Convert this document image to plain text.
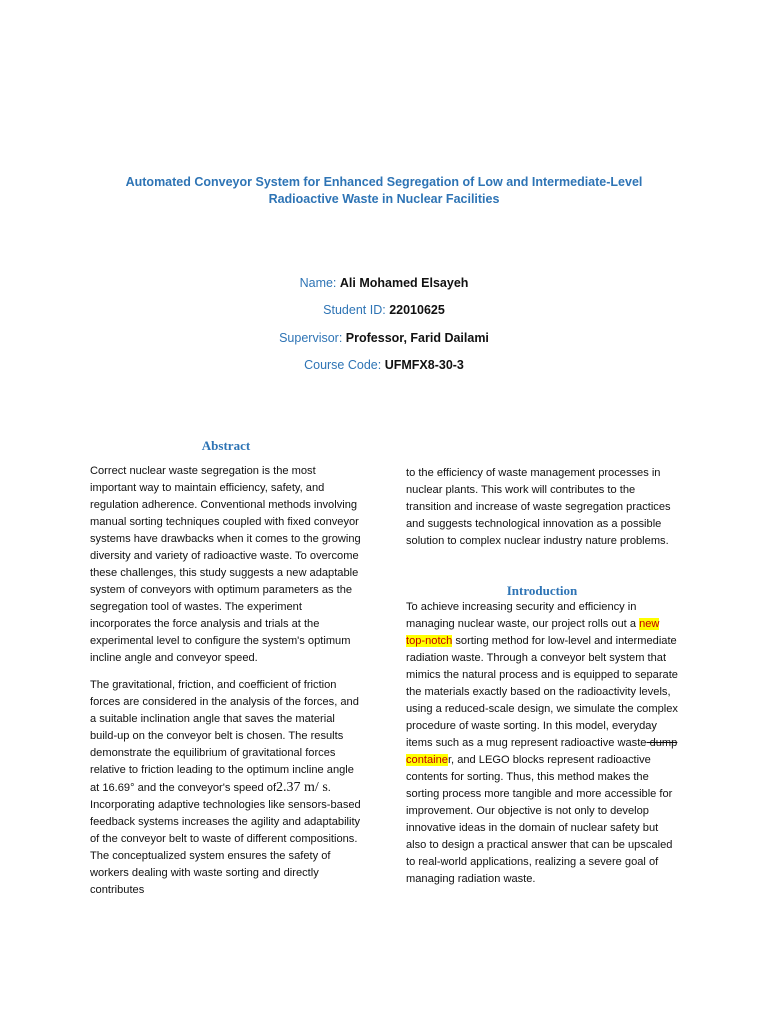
Automated Conveyor System for Enhanced Segregation of Low and Intermediate-Level Radioactive Waste in Nuclear Facilities
Name: Ali Mohamed Elsayeh
Student ID: 22010625
Supervisor: Professor, Farid Dailami
Course Code: UFMFX8-30-3
Abstract

Correct nuclear waste segregation is the most important way to maintain efficiency, safety, and regulation adherence. Conventional methods involving manual sorting techniques coupled with fixed conveyor systems have drawbacks when it comes to the growing diversity and variety of radioactive waste. To overcome these challenges, this study suggests a new adaptable system of conveyors with optimum parameters as the segregation tool of wastes. The experiment incorporates the force analysis and trials at the experimental level to configure the system's optimum incline angle and conveyor speed.

The gravitational, friction, and coefficient of friction forces are considered in the analysis of the forces, and a suitable inclination angle that saves the material build-up on the conveyor belt is chosen. The results demonstrate the equilibrium of gravitational forces relative to friction leading to the optimum incline angle at 16.69° and the conveyor's speed of2.37 m/ s. Incorporating adaptive technologies like sensors-based feedback systems increases the agility and adaptability of the conveyor belt to waste of different compositions. The conceptualized system ensures the safety of workers dealing with waste sorting and directly contributes

to the efficiency of waste management processes in nuclear plants. This work will contributes to the transition and increase of waste segregation practices and suggests technological innovation as a possible solution to complex nuclear industry nature problems.

Introduction

To achieve increasing security and efficiency in managing nuclear waste, our project rolls out a new top-notch sorting method for low-level and intermediate radiation waste. Through a conveyor belt system that mimics the natural process and is equipped to separate the materials exactly based on the radioactivity levels, using a reduced-scale design, we simulate the complex procedure of waste sorting. In this model, everyday items such as a mug represent radioactive waste dump container, and LEGO blocks represent radioactive contents for sorting. Thus, this method makes the sorting process more tangible and more accessible for improvement. Our objective is not only to develop innovative ideas in the domain of nuclear safety but also to design a practical answer that can be upscaled to real-world applications, realizing a severe goal of managing radiation waste.
